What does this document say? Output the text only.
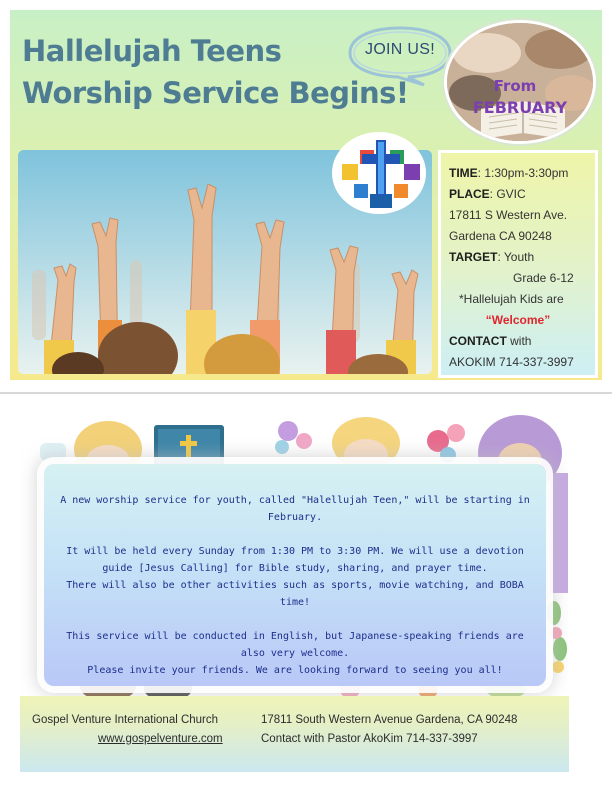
Hallelujah Teens
Worship Service Begins!
JOIN US!
From
FEBRUARY
TIME: 1:30pm-3:30pm
PLACE: GVIC
17811 S Western Ave.
Gardena CA 90248
TARGET: Youth
Grade 6-12
*Hallelujah Kids are
“Welcome”
CONTACT with
AKOKIM 714-337-3997

A new worship service for youth, called "Halellujah Teen," will be starting in February.

It will be held every Sunday from 1:30 PM to 3:30 PM. We will use a devotion guide [Jesus Calling] for Bible study, sharing, and prayer time.

There will also be other activities such as sports, movie watching, and BOBA time!

This service will be conducted in English, but Japanese-speaking friends are also very welcome.

Please invite your friends. We are looking forward to seeing you all!

Gospel Venture International Church
www.gospelventure.com
17811 South Western Avenue Gardena, CA 90248
Contact with Pastor AkoKim 714-337-3997
